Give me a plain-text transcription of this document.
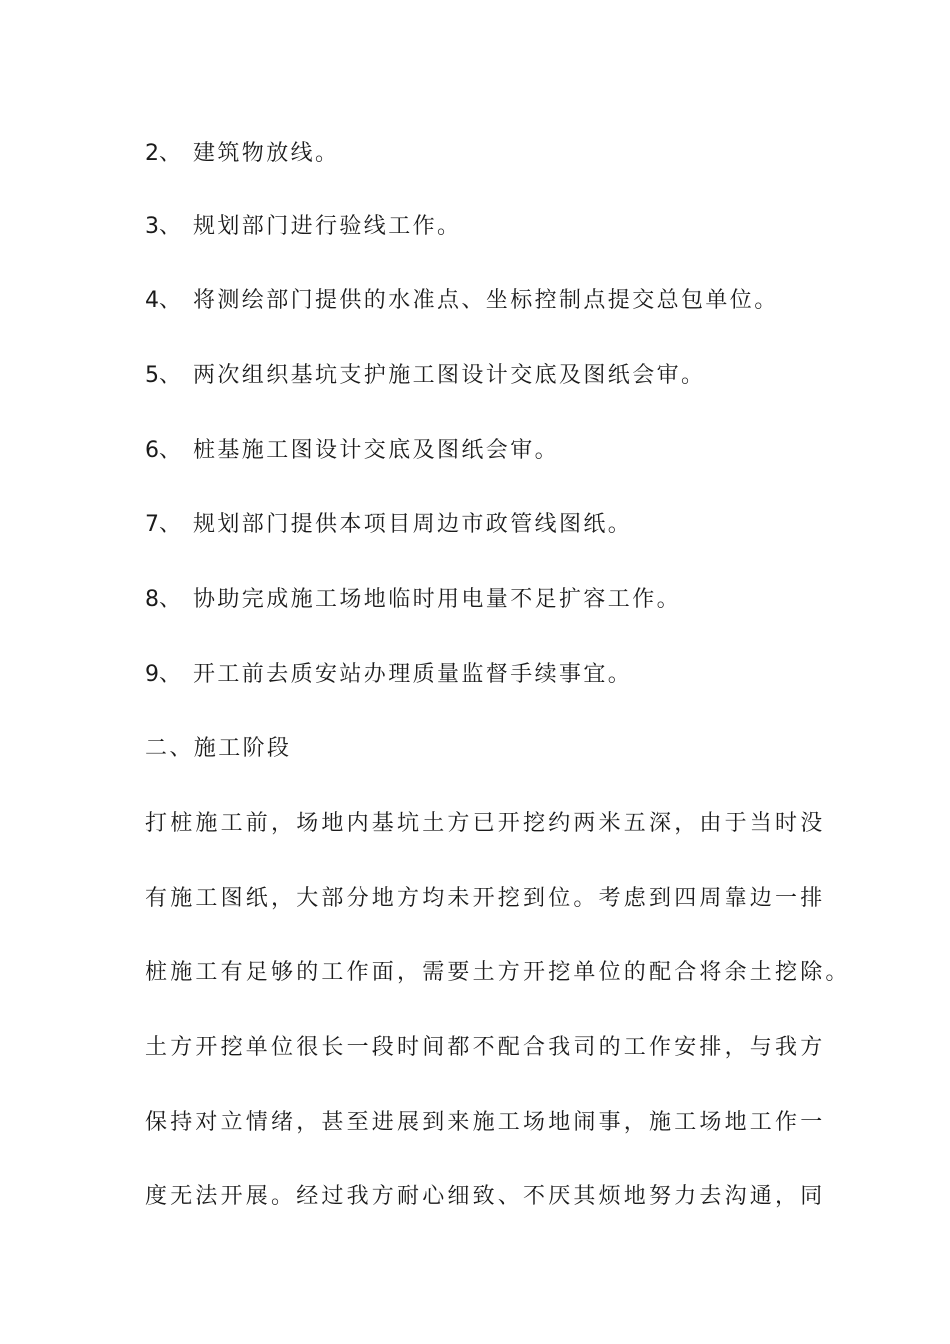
2、 建筑物放线。
3、 规划部门进行验线工作。
4、 将测绘部门提供的水准点、坐标控制点提交总包单位。
5、 两次组织基坑支护施工图设计交底及图纸会审。
6、 桩基施工图设计交底及图纸会审。
7、 规划部门提供本项目周边市政管线图纸。
8、 协助完成施工场地临时用电量不足扩容工作。
9、 开工前去质安站办理质量监督手续事宜。
二、施工阶段
打桩施工前，场地内基坑土方已开挖约两米五深，由于当时没
有施工图纸，大部分地方均未开挖到位。考虑到四周靠边一排
桩施工有足够的工作面，需要土方开挖单位的配合将余土挖除。
土方开挖单位很长一段时间都不配合我司的工作安排，与我方
保持对立情绪，甚至进展到来施工场地闹事，施工场地工作一
度无法开展。经过我方耐心细致、不厌其烦地努力去沟通，同
